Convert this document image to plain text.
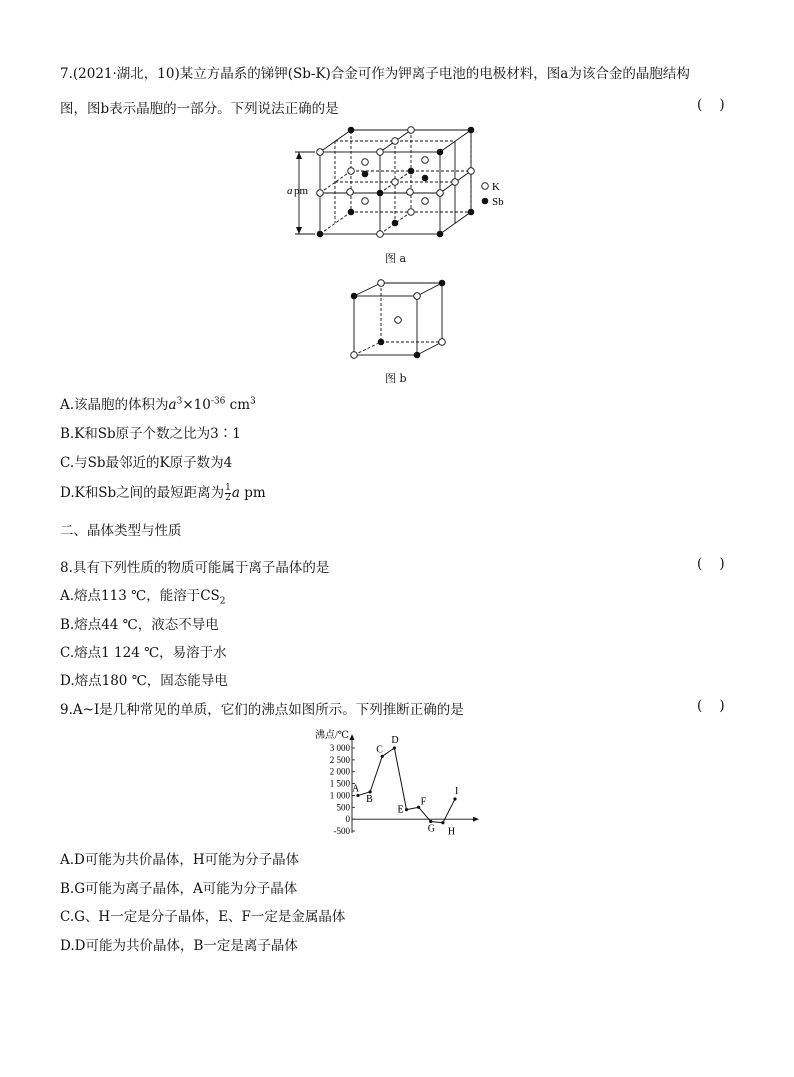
7.(2021·湖北，10)某立方晶系的锑钾(Sb-K)合金可作为钾离子电池的电极材料，图a为该合金的晶胞结构
图，图b表示晶胞的一部分。下列说法正确的是	(    )
a pm	K
Sb
图 a
图 b
A.该晶胞的体积为$a^3\times 10^{-36}$ $cm^3$
B.K和Sb原子个数之比为3∶1
C.与Sb最邻近的K原子数为4
D.K和Sb之间的最短距离为 $\frac{1}{2}$ a pm
二、晶体类型与性质
8.具有下列性质的物质可能属于离子晶体的是	(    )
A.熔点113 ℃，能溶于$CS_2$
B.熔点44 ℃，液态不导电
C.熔点1 124 ℃，易溶于水
D.熔点180 ℃，固态能导电
9.A~I是几种常见的单质，它们的沸点如图所示。下列推断正确的是	(    )
沸点/℃
-500
0
500
1 000
1 500
2 000
2 500
3 000
A
B
C
D
E
F
G H
I
A.D可能为共价晶体，H可能为分子晶体
B.G可能为离子晶体，A可能为分子晶体
C.G、H一定是分子晶体，E、F一定是金属晶体
D.D可能为共价晶体，B一定是离子晶体
